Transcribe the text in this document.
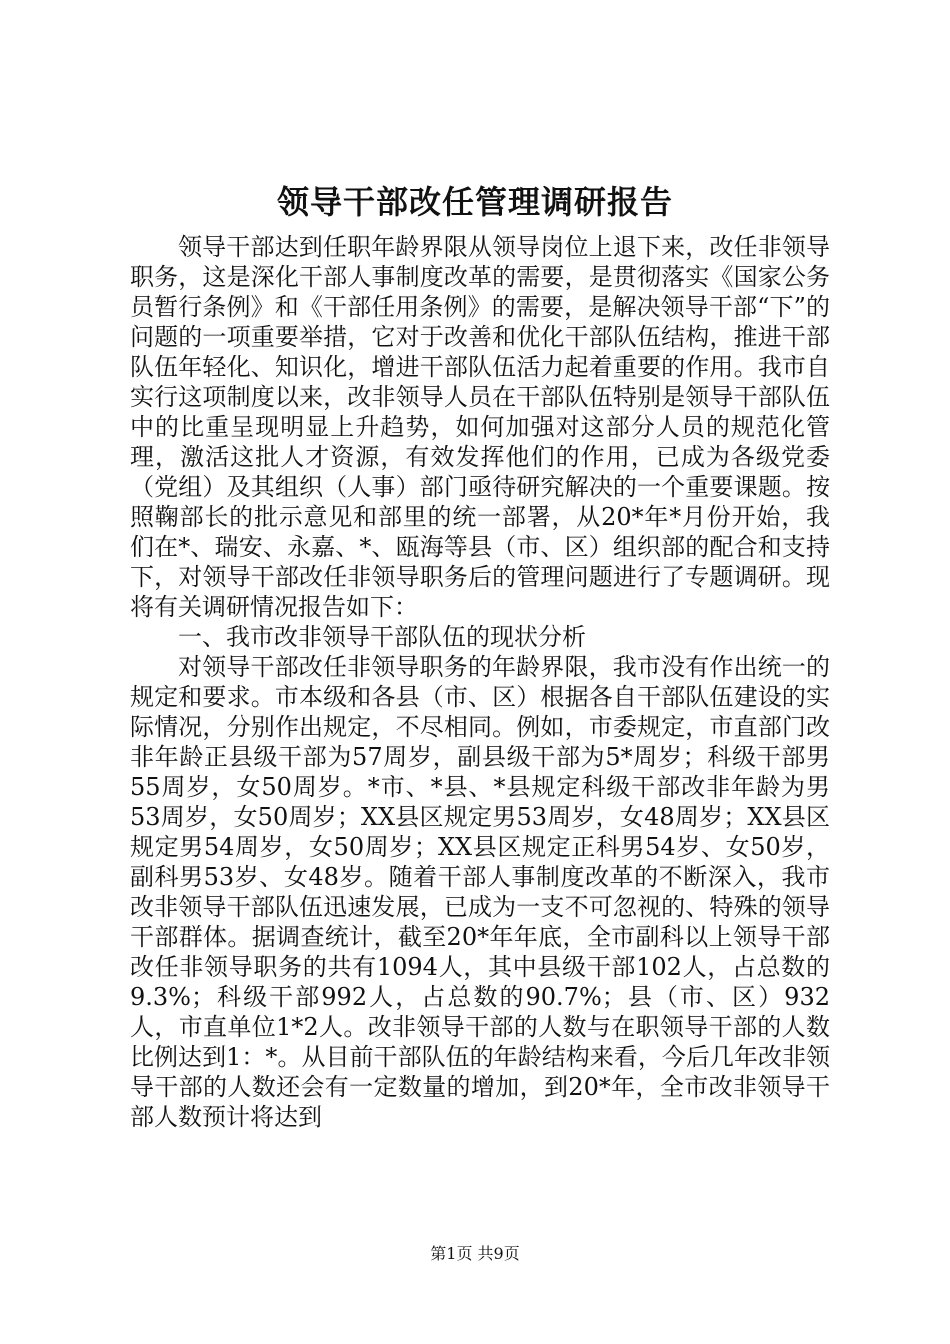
领导干部改任管理调研报告

领导干部达到任职年龄界限从领导岗位上退下来，改任非领导职务，这是深化干部人事制度改革的需要，是贯彻落实《国家公务员暂行条例》和《干部任用条例》的需要，是解决领导干部“下”的问题的一项重要举措，它对于改善和优化干部队伍结构，推进干部队伍年轻化、知识化，增进干部队伍活力起着重要的作用。我市自实行这项制度以来，改非领导人员在干部队伍特别是领导干部队伍中的比重呈现明显上升趋势，如何加强对这部分人员的规范化管理，激活这批人才资源，有效发挥他们的作用，已成为各级党委（党组）及其组织（人事）部门亟待研究解决的一个重要课题。按照鞠部长的批示意见和部里的统一部署，从20*年*月份开始，我们在*、瑞安、永嘉、*、瓯海等县（市、区）组织部的配合和支持下，对领导干部改任非领导职务后的管理问题进行了专题调研。现将有关调研情况报告如下：

一、我市改非领导干部队伍的现状分析

对领导干部改任非领导职务的年龄界限，我市没有作出统一的规定和要求。市本级和各县（市、区）根据各自干部队伍建设的实际情况，分别作出规定，不尽相同。例如，市委规定，市直部门改非年龄正县级干部为57周岁，副县级干部为5*周岁；科级干部男55周岁，女50周岁。*市、*县、*县规定科级干部改非年龄为男53周岁，女50周岁；XX县区规定男53周岁，女48周岁；XX县区规定男54周岁，女50周岁；XX县区规定正科男54岁、女50岁，副科男53岁、女48岁。随着干部人事制度改革的不断深入，我市改非领导干部队伍迅速发展，已成为一支不可忽视的、特殊的领导干部群体。据调查统计，截至20*年年底，全市副科以上领导干部改任非领导职务的共有1094人，其中县级干部102人，占总数的9.3%；科级干部992人，占总数的90.7%；县（市、区）932人，市直单位1*2人。改非领导干部的人数与在职领导干部的人数比例达到1：*。从目前干部队伍的年龄结构来看，今后几年改非领导干部的人数还会有一定数量的增加，到20*年，全市改非领导干部人数预计将达到

第1页 共9页
